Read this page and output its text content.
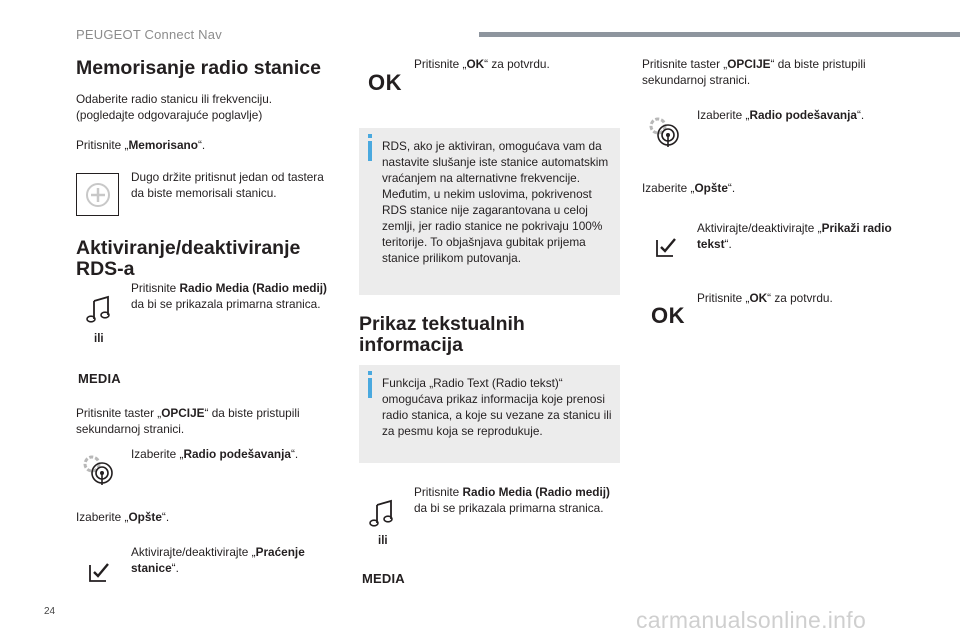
PEUGEOT Connect Nav
Memorisanje radio stanice
Odaberite radio stanicu ili frekvenciju.
(pogledajte odgovarajuće poglavlje)
Pritisnite „Memorisano“.
Dugo držite pritisnut jedan od tastera da biste memorisali stanicu.
Aktiviranje/deaktiviranje RDS-a
Pritisnite Radio Media (Radio medij) da bi se prikazala primarna stranica.
ili
MEDIA
Pritisnite taster „OPCIJE“ da biste pristupili sekundarnoj stranici.
Izaberite „Radio podešavanja“.
Izaberite „Opšte“.
Aktivirajte/deaktivirajte „Praćenje stanice“.
OK
Pritisnite „OK“ za potvrdu.
RDS, ako je aktiviran, omogućava vam da nastavite slušanje iste stanice automatskim vraćanjem na alternativne frekvencije. Međutim, u nekim uslovima, pokrivenost RDS stanice nije zagarantovana u celoj zemlji, jer radio stanice ne pokrivaju 100% teritorije. To objašnjava gubitak prijema stanice prilikom putovanja.
Prikaz tekstualnih informacija
Funkcija „Radio Text (Radio tekst)“ omogućava prikaz informacija koje prenosi radio stanica, a koje su vezane za stanicu ili za pesmu koja se reprodukuje.
Pritisnite Radio Media (Radio medij) da bi se prikazala primarna stranica.
ili
MEDIA
Pritisnite taster „OPCIJE“ da biste pristupili sekundarnoj stranici.
Izaberite „Radio podešavanja“.
Izaberite „Opšte“.
Aktivirajte/deaktivirajte „Prikaži radio tekst“.
OK
Pritisnite „OK“ za potvrdu.
24	carmanualsonline.info
